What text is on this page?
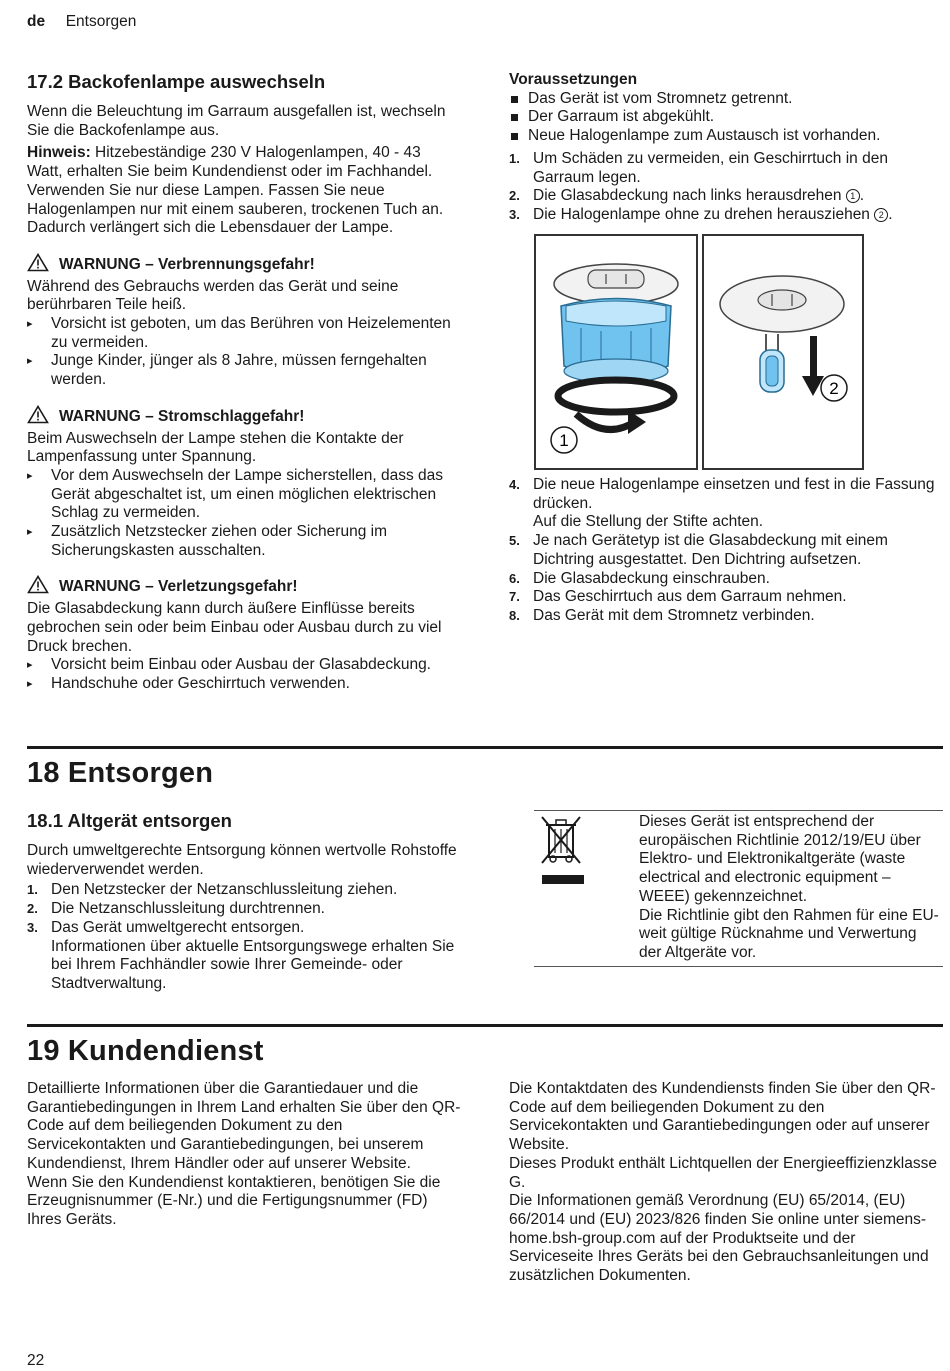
de Entsorgen
17.2 Backofenlampe auswechseln

Wenn die Beleuchtung im Garraum ausgefallen ist, wechseln Sie die Backofenlampe aus.

Hinweis: Hitzebeständige 230 V Halogenlampen, 40 - 43 Watt, erhalten Sie beim Kundendienst oder im Fachhandel. Verwenden Sie nur diese Lampen. Fassen Sie neue Halogenlampen nur mit einem sauberen, trockenen Tuch an. Dadurch verlängert sich die Lebensdauer der Lampe.

WARNUNG – Verbrennungsgefahr!

Während des Gebrauchs werden das Gerät und seine berührbaren Teile heiß.

▸ Vorsicht ist geboten, um das Berühren von Heizelementen zu vermeiden.
▸ Junge Kinder, jünger als 8 Jahre, müssen ferngehalten werden.
WARNUNG – Stromschlaggefahr!

Beim Auswechseln der Lampe stehen die Kontakte der Lampenfassung unter Spannung.

▸ Vor dem Auswechseln der Lampe sicherstellen, dass das Gerät abgeschaltet ist, um einen möglichen elektrischen Schlag zu vermeiden.
▸ Zusätzlich Netzstecker ziehen oder Sicherung im Sicherungskasten ausschalten.
WARNUNG – Verletzungsgefahr!

Die Glasabdeckung kann durch äußere Einflüsse bereits gebrochen sein oder beim Einbau oder Ausbau durch zu viel Druck brechen.

▸ Vorsicht beim Einbau oder Ausbau der Glasabdeckung.
▸ Handschuhe oder Geschirrtuch verwenden.
Voraussetzungen
Das Gerät ist vom Stromnetz getrennt.
Der Garraum ist abgekühlt.
Neue Halogenlampe zum Austausch ist vorhanden.
1. Um Schäden zu vermeiden, ein Geschirrtuch in den Garraum legen.
2. Die Glasabdeckung nach links herausdrehen 1 .
3. Die Halogenlampe ohne zu drehen herausziehen 2 .
1
2
4. Die neue Halogenlampe einsetzen und fest in die Fassung drücken.
Auf die Stellung der Stifte achten.
5. Je nach Gerätetyp ist die Glasabdeckung mit einem Dichtring ausgestattet. Den Dichtring aufsetzen.
6. Die Glasabdeckung einschrauben.
7. Das Geschirrtuch aus dem Garraum nehmen.
8. Das Gerät mit dem Stromnetz verbinden.
18 Entsorgen
18.1 Altgerät entsorgen

Durch umweltgerechte Entsorgung können wertvolle Rohstoffe wiederverwendet werden.

1. Den Netzstecker der Netzanschlussleitung ziehen.
2. Die Netzanschlussleitung durchtrennen.
3. Das Gerät umweltgerecht entsorgen.
Informationen über aktuelle Entsorgungswege erhalten Sie bei Ihrem Fachhändler sowie Ihrer Gemeinde- oder Stadtverwaltung.

Dieses Gerät ist entsprechend der europäischen Richtlinie 2012/19/EU über Elektro- und Elektronikaltgeräte (waste electrical and electronic equipment – WEEE) gekennzeichnet.

Die Richtlinie gibt den Rahmen für eine EU-weit gültige Rücknahme und Verwertung der Altgeräte vor.

19 Kundendienst

Detaillierte Informationen über die Garantiedauer und die Garantiebedingungen in Ihrem Land erhalten Sie über den QR-Code auf dem beiliegenden Dokument zu den Servicekontakten und Garantiebedingungen, bei unserem Kundendienst, Ihrem Händler oder auf unserer Website.

Wenn Sie den Kundendienst kontaktieren, benötigen Sie die Erzeugnisnummer (E-Nr.) und die Fertigungsnummer (FD) Ihres Geräts.

Die Kontaktdaten des Kundendiensts finden Sie über den QR-Code auf dem beiliegenden Dokument zu den Servicekontakten und Garantiebedingungen oder auf unserer Website.

Dieses Produkt enthält Lichtquellen der Energieeffizienzklasse G.

Die Informationen gemäß Verordnung (EU) 65/2014, (EU) 66/2014 und (EU) 2023/826 finden Sie online unter siemens-home.bsh-group.com auf der Produktseite und der Serviceseite Ihres Geräts bei den Gebrauchsanleitungen und zusätzlichen Dokumenten.

22
